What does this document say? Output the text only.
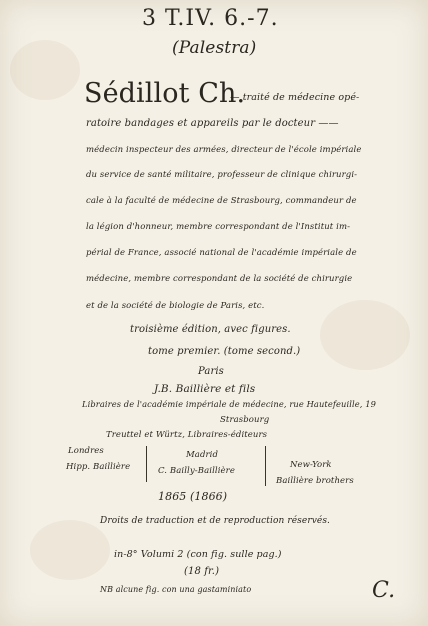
3 T.IV. 6.-7.
(Palestra)
Sédillot Ch.
— traité de médecine opé-
ratoire bandages et appareils par le docteur ——
médecin inspecteur des armées, directeur de l'école impériale
du service de santé militaire, professeur de clinique chirurgi-
cale à la faculté de médecine de Strasbourg, commandeur de
la légion d'honneur, membre correspondant de l'Institut im-
périal de France, associé national de l'académie impériale de
médecine, membre correspondant de la société de chirurgie
et de la société de biologie de Paris, etc.
troisième édition, avec figures.
tome premier. (tome second.)
Paris
J.B. Baillière et fils
Libraires de l'académie impériale de médecine, rue Hautefeuille, 19
Strasbourg
Treuttel et Würtz, Libraires-éditeurs
Londres
Hipp. Baillière
Madrid
C. Bailly-Baillière
New-York
Baillière brothers
1865 (1866)
Droits de traduction et de reproduction réservés.
in-8° Volumi 2 (con fig. sulle pag.)
(18 fr.)
NB alcune fig. con una gastaminiato	C.
